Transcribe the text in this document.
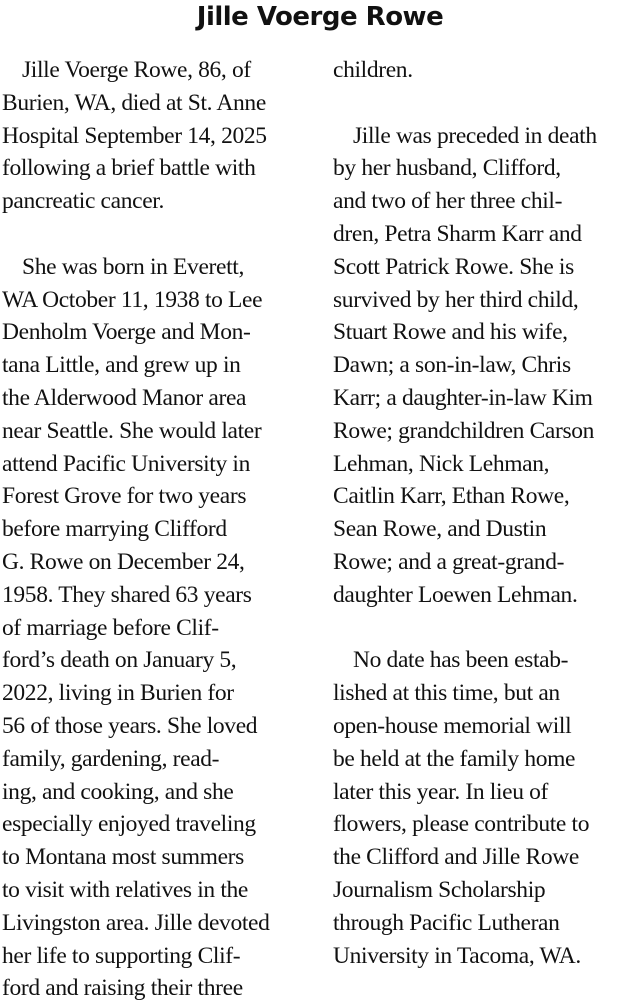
Jille Voerge Rowe
Jille Voerge Rowe, 86, of
Burien, WA, died at St. Anne
Hospital September 14, 2025
following a brief battle with
pancreatic cancer.
She was born in Everett,
WA October 11, 1938 to Lee
Denholm Voerge and Mon-
tana Little, and grew up in
the Alderwood Manor area
near Seattle. She would later
attend Pacific University in
Forest Grove for two years
before marrying Clifford
G. Rowe on December 24,
1958. They shared 63 years
of marriage before Clif-
ford’s death on January 5,
2022, living in Burien for
56 of those years. She loved
family, gardening, read-
ing, and cooking, and she
especially enjoyed traveling
to Montana most summers
to visit with relatives in the
Livingston area. Jille devoted
her life to supporting Clif-
ford and raising their three
children.
Jille was preceded in death
by her husband, Clifford,
and two of her three chil-
dren, Petra Sharm Karr and
Scott Patrick Rowe. She is
survived by her third child,
Stuart Rowe and his wife,
Dawn; a son-in-law, Chris
Karr; a daughter-in-law Kim
Rowe; grandchildren Carson
Lehman, Nick Lehman,
Caitlin Karr, Ethan Rowe,
Sean Rowe, and Dustin
Rowe; and a great-grand-
daughter Loewen Lehman.
No date has been estab-
lished at this time, but an
open-house memorial will
be held at the family home
later this year. In lieu of
flowers, please contribute to
the Clifford and Jille Rowe
Journalism Scholarship
through Pacific Lutheran
University in Tacoma, WA.
